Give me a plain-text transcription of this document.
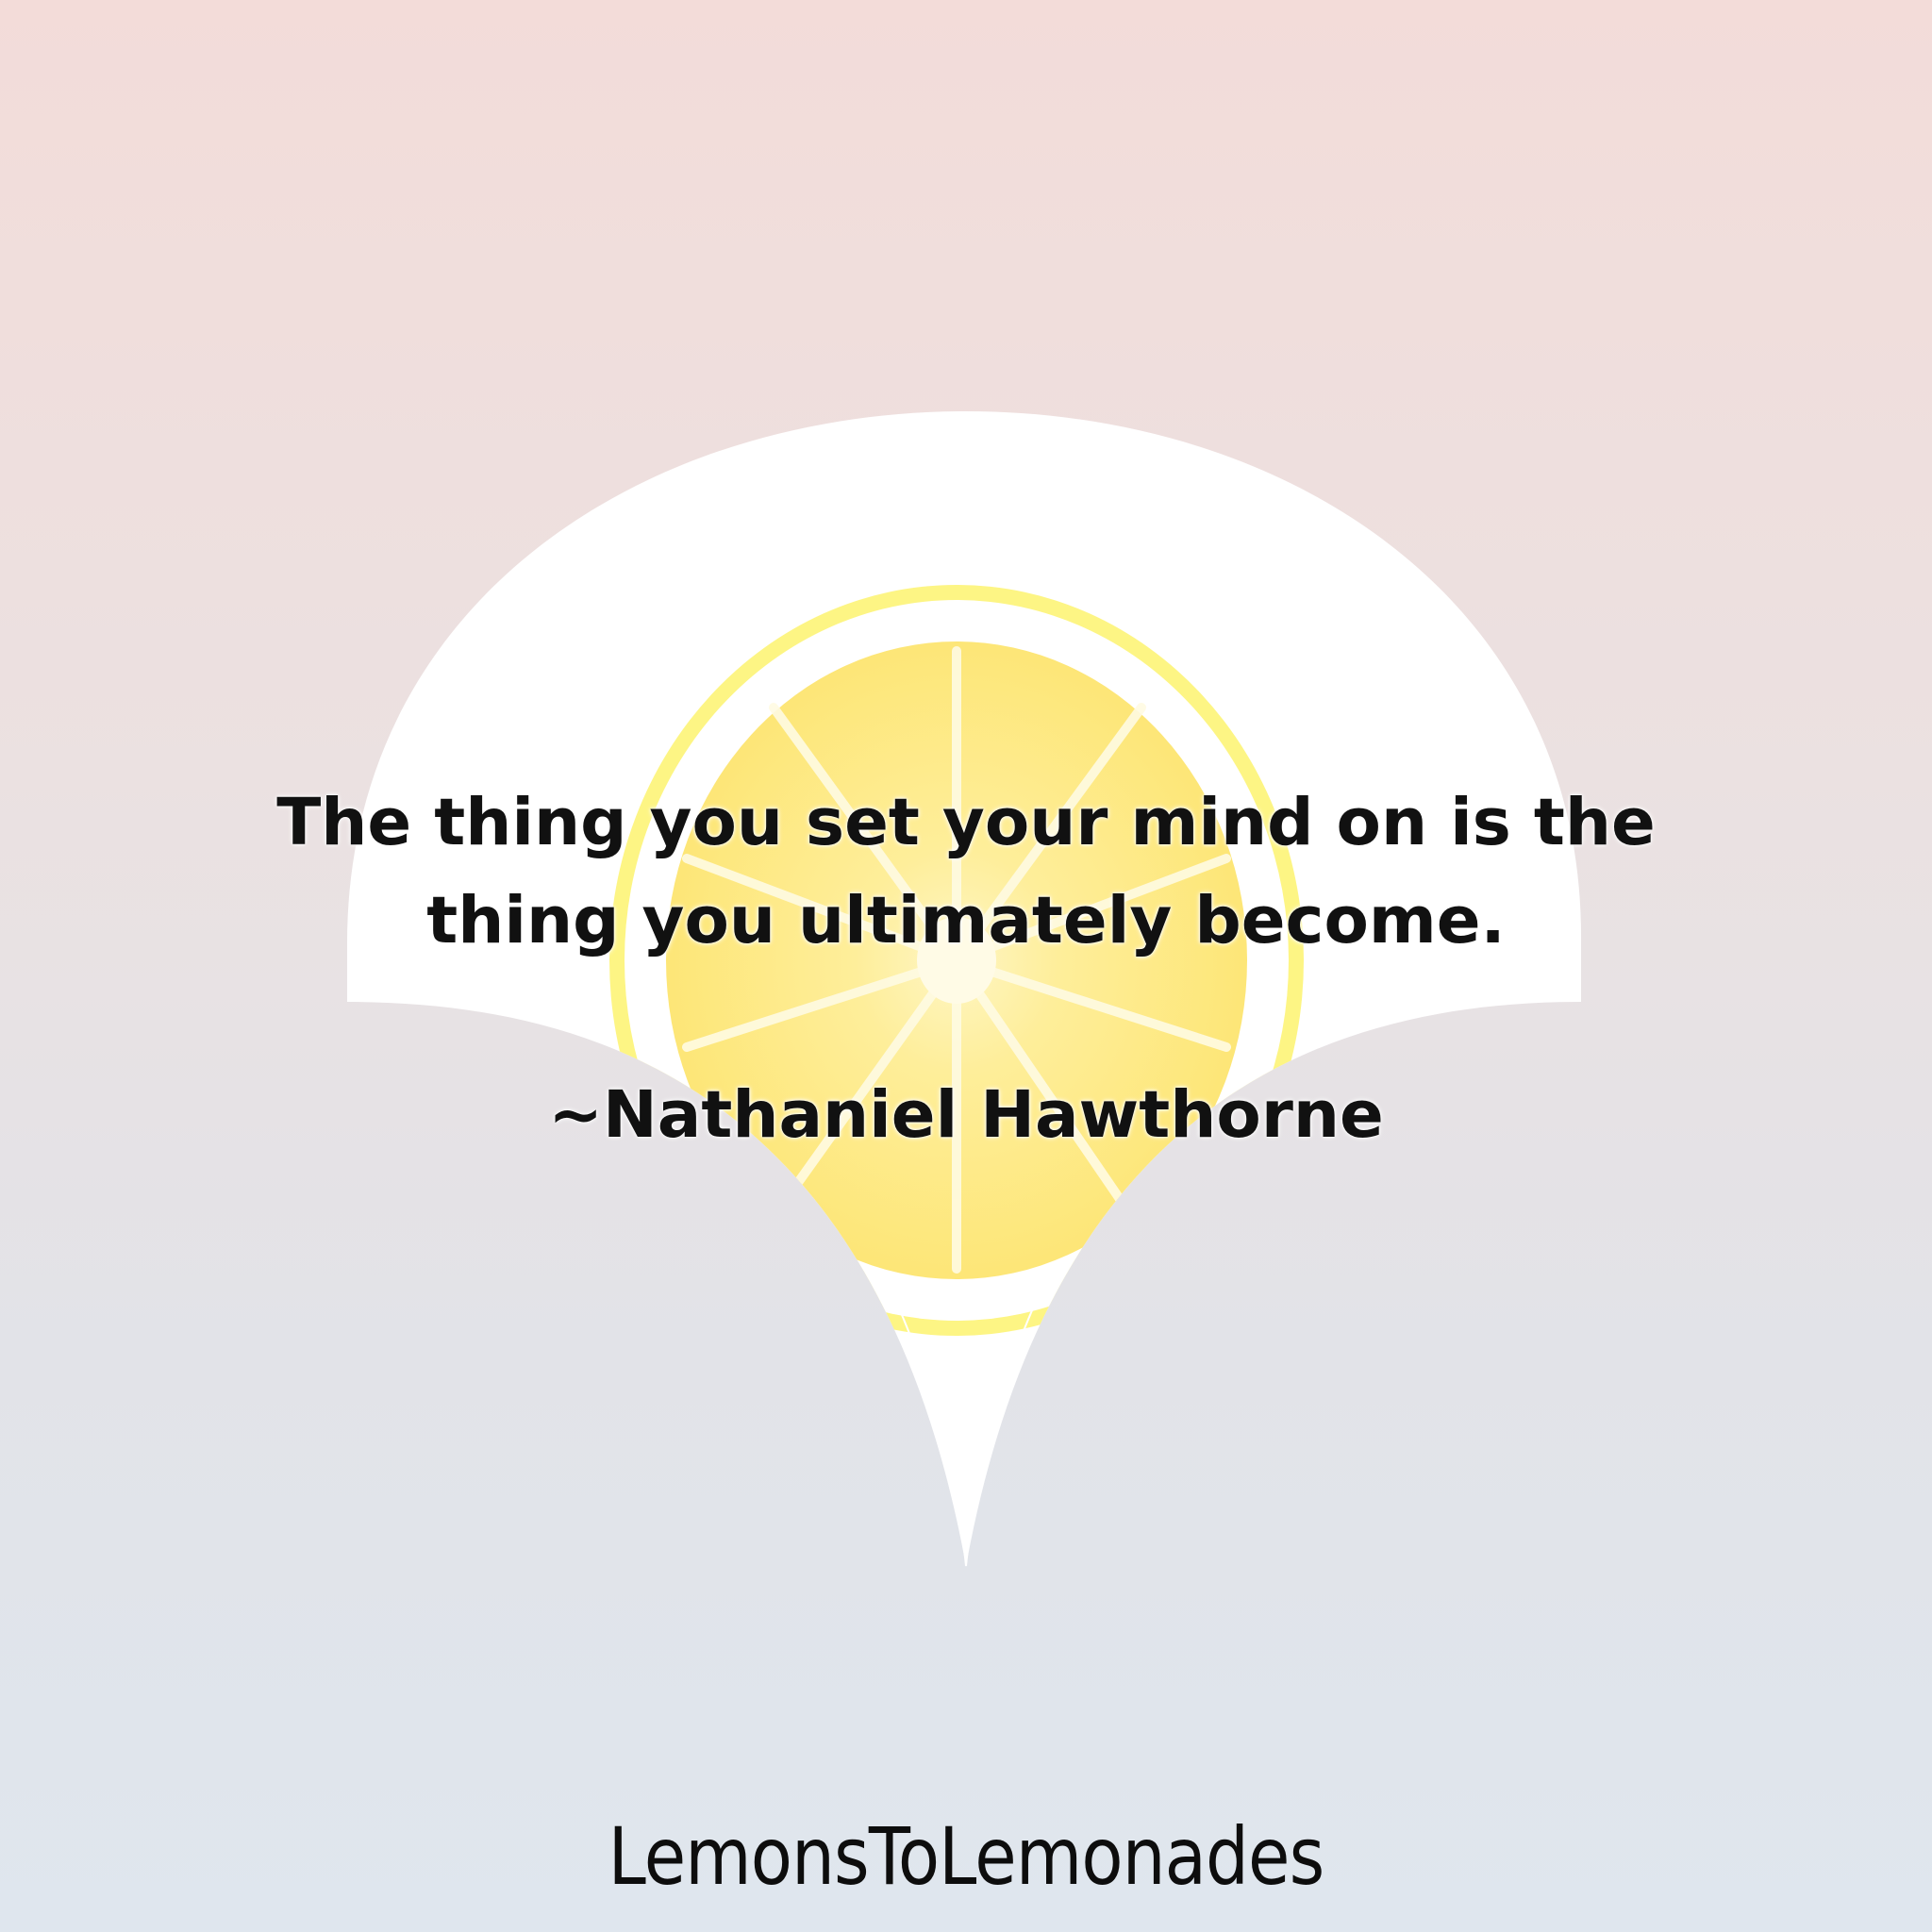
The thing you set your mind on is the thing you ultimately become.

~Nathaniel Hawthorne

LemonsToLemonades
